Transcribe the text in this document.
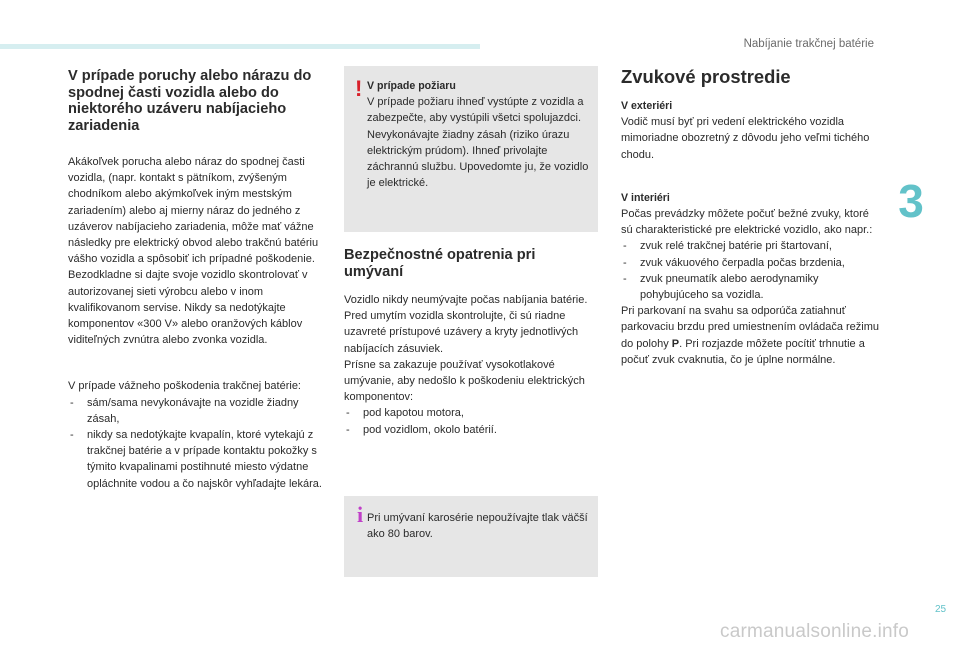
Nabíjanie trakčnej batérie
3
V prípade poruchy alebo nárazu do spodnej časti vozidla alebo do niektorého uzáveru nabíjacieho zariadenia

Akákoľvek porucha alebo náraz do spodnej časti vozidla, (napr. kontakt s pätníkom, zvýšeným chodníkom alebo akýmkoľvek iným mestským zariadením) alebo aj mierny náraz do jedného z uzáverov nabíjacieho zariadenia, môže mať vážne následky pre elektrický obvod alebo trakčnú batériu vášho vozidla a spôsobiť ich prípadné poškodenie. Bezodkladne si dajte svoje vozidlo skontrolovať v autorizovanej sieti výrobcu alebo v inom kvalifikovanom servise. Nikdy sa nedotýkajte komponentov «300 V» alebo oranžových káblov viditeľných zvnútra alebo zvonka vozidla.

V prípade vážneho poškodenia trakčnej batérie:

- sám/sama nevykonávajte na vozidle žiadny zásah,
- nikdy sa nedotýkajte kvapalín, ktoré vytekajú z trakčnej batérie a v prípade kontaktu pokožky s týmito kvapalinami postihnuté miesto výdatne opláchnite vodou a čo najskôr vyhľadajte lekára.
! V prípade požiaru

V prípade požiaru ihneď vystúpte z vozidla a zabezpečte, aby vystúpili všetci spolujazdci. Nevykonávajte žiadny zásah (riziko úrazu elektrickým prúdom). Ihneď privolajte záchrannú službu. Upovedomte ju, že vozidlo je elektrické.

Bezpečnostné opatrenia pri umývaní

Vozidlo nikdy neumývajte počas nabíjania batérie.

Pred umytím vozidla skontrolujte, či sú riadne uzavreté prístupové uzávery a kryty jednotlivých nabíjacích zásuviek.

Prísne sa zakazuje používať vysokotlakové umývanie, aby nedošlo k poškodeniu elektrických komponentov:

- pod kapotou motora,
- pod vozidlom, okolo batérií.
i Pri umývaní karosérie nepoužívajte tlak väčší ako 80 barov.

Zvukové prostredie

V exteriéri

Vodič musí byť pri vedení elektrického vozidla mimoriadne obozretný z dôvodu jeho veľmi tichého chodu.

V interiéri

Počas prevádzky môžete počuť bežné zvuky, ktoré sú charakteristické pre elektrické vozidlo, ako napr.:

- zvuk relé trakčnej batérie pri štartovaní,
- zvuk vákuového čerpadla počas brzdenia,
- zvuk pneumatík alebo aerodynamiky pohybujúceho sa vozidla.

Pri parkovaní na svahu sa odporúča zatiahnuť parkovaciu brzdu pred umiestnením ovládača režimu do polohy P. Pri rozjazde môžete pocítiť trhnutie a počuť zvuk cvaknutia, čo je úplne normálne.

25
carmanualsonline.info
